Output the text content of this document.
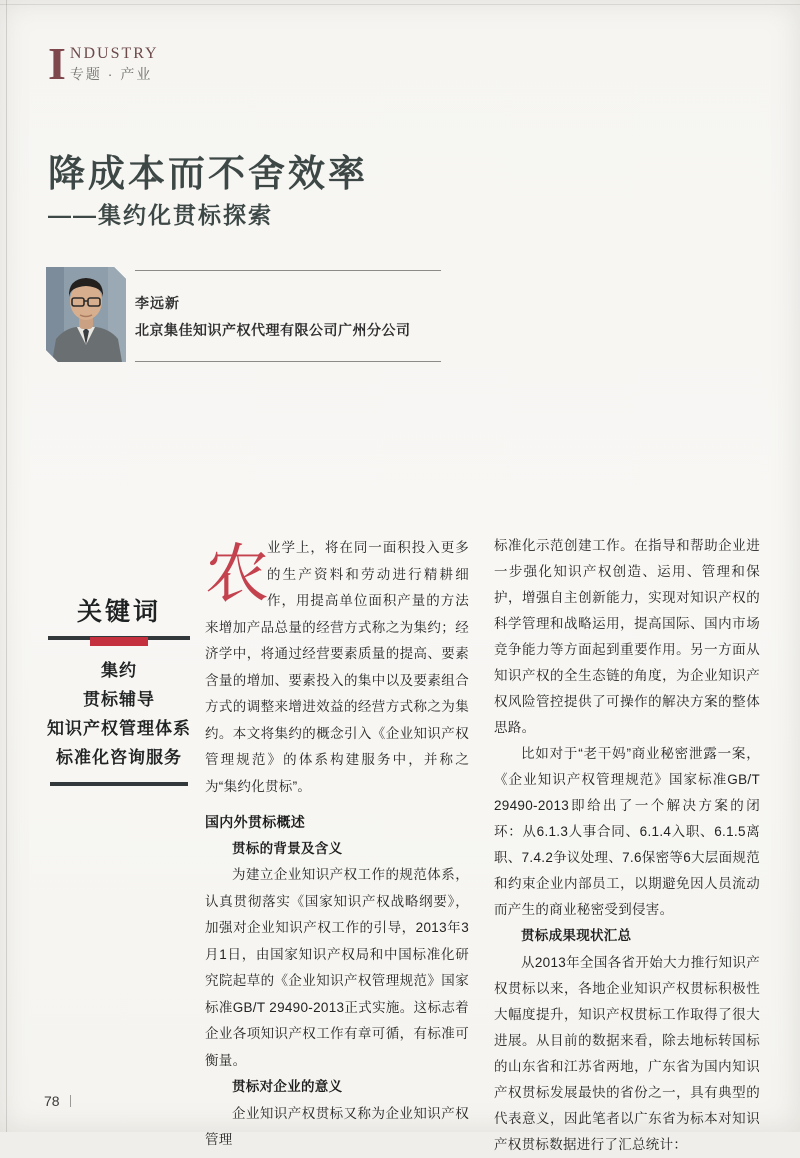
I NDUSTRY
专题 · 产业
降成本而不舍效率
——集约化贯标探索
李远新
北京集佳知识产权代理有限公司广州分公司
关键词
集约
贯标辅导
知识产权管理体系
标准化咨询服务

农
业学上，将在同一面积投入更多的生产资料和劳动进行精耕细作，用提高单位面积产量的方法来增加产品总量的经营方式称之为集约；经济学中，将通过经营要素质量的提高、要素含量的增加、要素投入的集中以及要素组合方式的调整来增进效益的经营方式称之为集约。本文将集约的概念引入《企业知识产权管理规范》的体系构建服务中，并称之为“集约化贯标”。

国内外贯标概述
贯标的背景及含义

为建立企业知识产权工作的规范体系，认真贯彻落实《国家知识产权战略纲要》，加强对企业知识产权工作的引导，2013年3月1日，由国家知识产权局和中国标准化研究院起草的《企业知识产权管理规范》国家标准GB/T 29490-2013正式实施。这标志着企业各项知识产权工作有章可循，有标准可衡量。

贯标对企业的意义

企业知识产权贯标又称为企业知识产权管理

标准化示范创建工作。在指导和帮助企业进一步强化知识产权创造、运用、管理和保护，增强自主创新能力，实现对知识产权的科学管理和战略运用，提高国际、国内市场竞争能力等方面起到重要作用。另一方面从知识产权的全生态链的角度，为企业知识产权风险管控提供了可操作的解决方案的整体思路。

比如对于“老干妈”商业秘密泄露一案，《企业知识产权管理规范》国家标准GB/T 29490-2013即给出了一个解决方案的闭环：从6.1.3人事合同、6.1.4入职、6.1.5离职、7.4.2争议处理、7.6保密等6大层面规范和约束企业内部员工，以期避免因人员流动而产生的商业秘密受到侵害。

贯标成果现状汇总

从2013年全国各省开始大力推行知识产权贯标以来，各地企业知识产权贯标积极性大幅度提升，知识产权贯标工作取得了很大进展。从目前的数据来看，除去地标转国标的山东省和江苏省两地，广东省为国内知识产权贯标发展最快的省份之一，具有典型的代表意义，因此笔者以广东省为标本对知识产权贯标数据进行了汇总统计：

78
